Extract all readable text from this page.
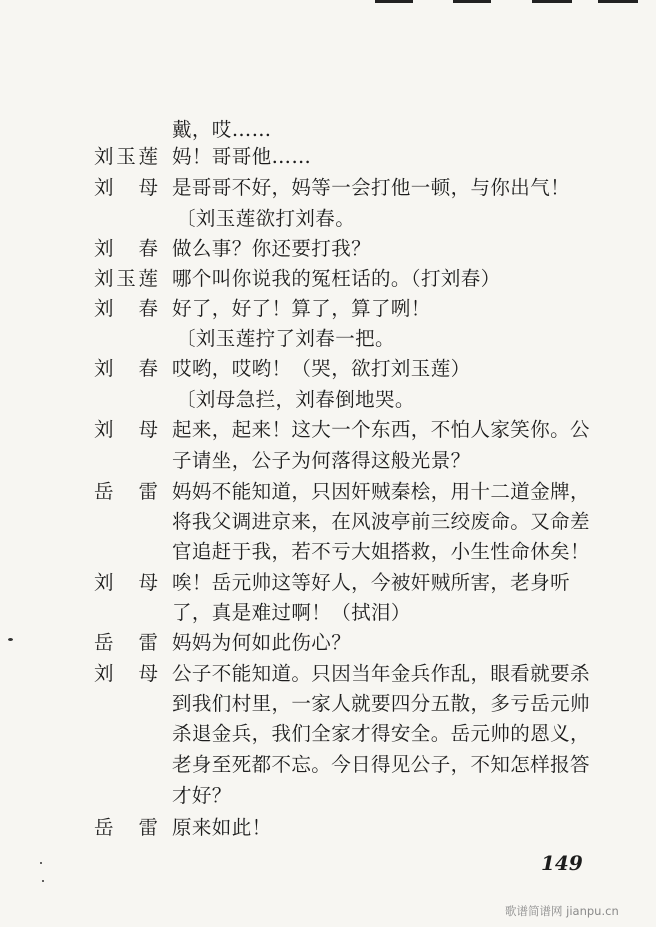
戴，哎……
刘 玉 莲 妈！哥哥他……
刘 母 是哥哥不好，妈等一会打他一顿，与你出气！
〔刘玉莲欲打刘春。
刘 春 做么事？你还要打我？
刘 玉 莲 哪个叫你说我的冤枉话的。（打刘春）
刘 春 好了，好了！算了，算了咧！
〔刘玉莲拧了刘春一把。
刘 春 哎哟，哎哟！（哭，欲打刘玉莲）
〔刘母急拦，刘春倒地哭。
刘 母 起来，起来！这大一个东西，不怕人家笑你。公
子请坐，公子为何落得这般光景？
岳 雷 妈妈不能知道，只因奸贼秦桧，用十二道金牌，
将我父调进京来，在风波亭前三绞废命。又命差
官追赶于我，若不亏大姐搭救，小生性命休矣！
刘 母 唉！岳元帅这等好人，今被奸贼所害，老身听
了，真是难过啊！（拭泪）
岳 雷 妈妈为何如此伤心？
刘 母 公子不能知道。只因当年金兵作乱，眼看就要杀
到我们村里，一家人就要四分五散，多亏岳元帅
杀退金兵，我们全家才得安全。岳元帅的恩义，
老身至死都不忘。今日得见公子，不知怎样报答
才好？
岳 雷 原来如此！
149
歌谱简谱网 jianpu.cn
